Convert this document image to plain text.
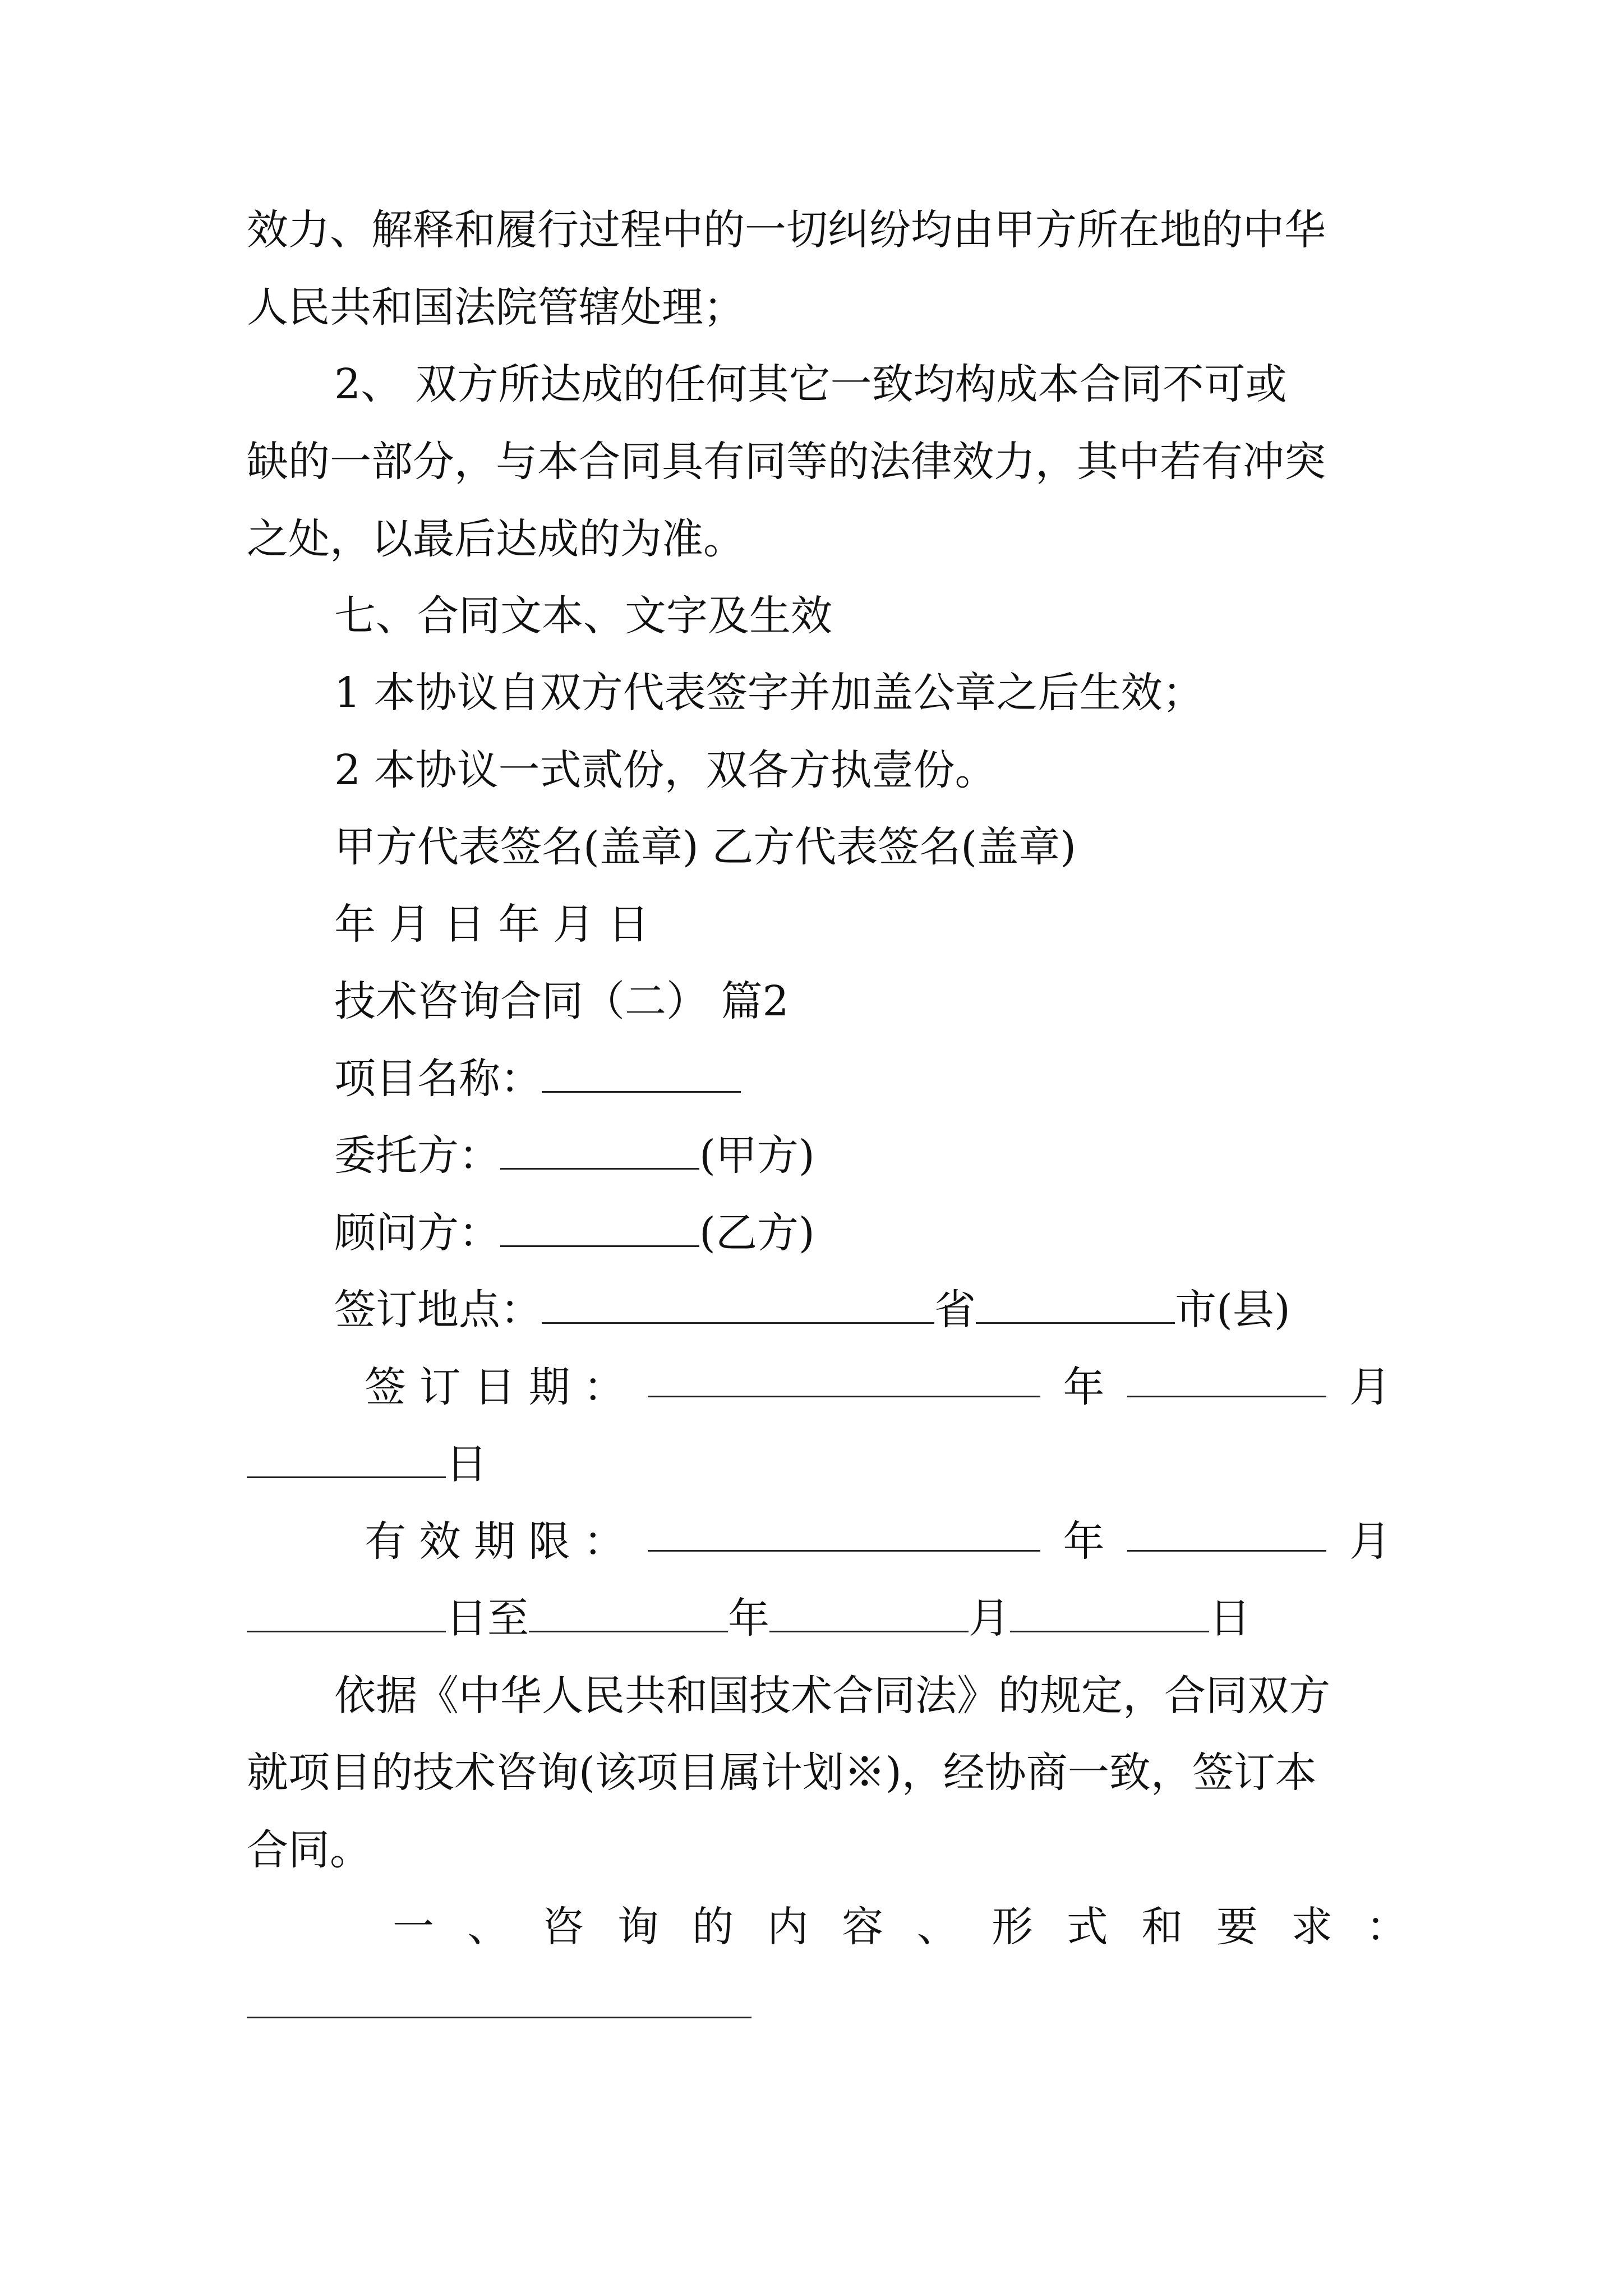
效力、解释和履行过程中的一切纠纷均由甲方所在地的中华
人民共和国法院管辖处理；
2、 双方所达成的任何其它一致均构成本合同不可或
缺的一部分，与本合同具有同等的法律效力，其中若有冲突
之处，以最后达成的为准。
七、合同文本、文字及生效
1 本协议自双方代表签字并加盖公章之后生效；
2 本协议一式贰份，双各方执壹份。
甲方代表签名(盖章) 乙方代表签名(盖章)
年 月 日 年 月 日
技术咨询合同（二） 篇2
项目名称：
委托方：	(甲方)
顾问方：	(乙方)
签订地点：	省	市(县)
签 订 日 期 ：	年	月
日
有 效 期 限 ：	年	月
日至	年	月	日
依据《中华人民共和国技术合同法》的规定，合同双方
就项目的技术咨询(该项目属计划※)，经协商一致，签订本
合同。
一 、 咨 询 的 内 容 、 形 式 和 要 求 ：
